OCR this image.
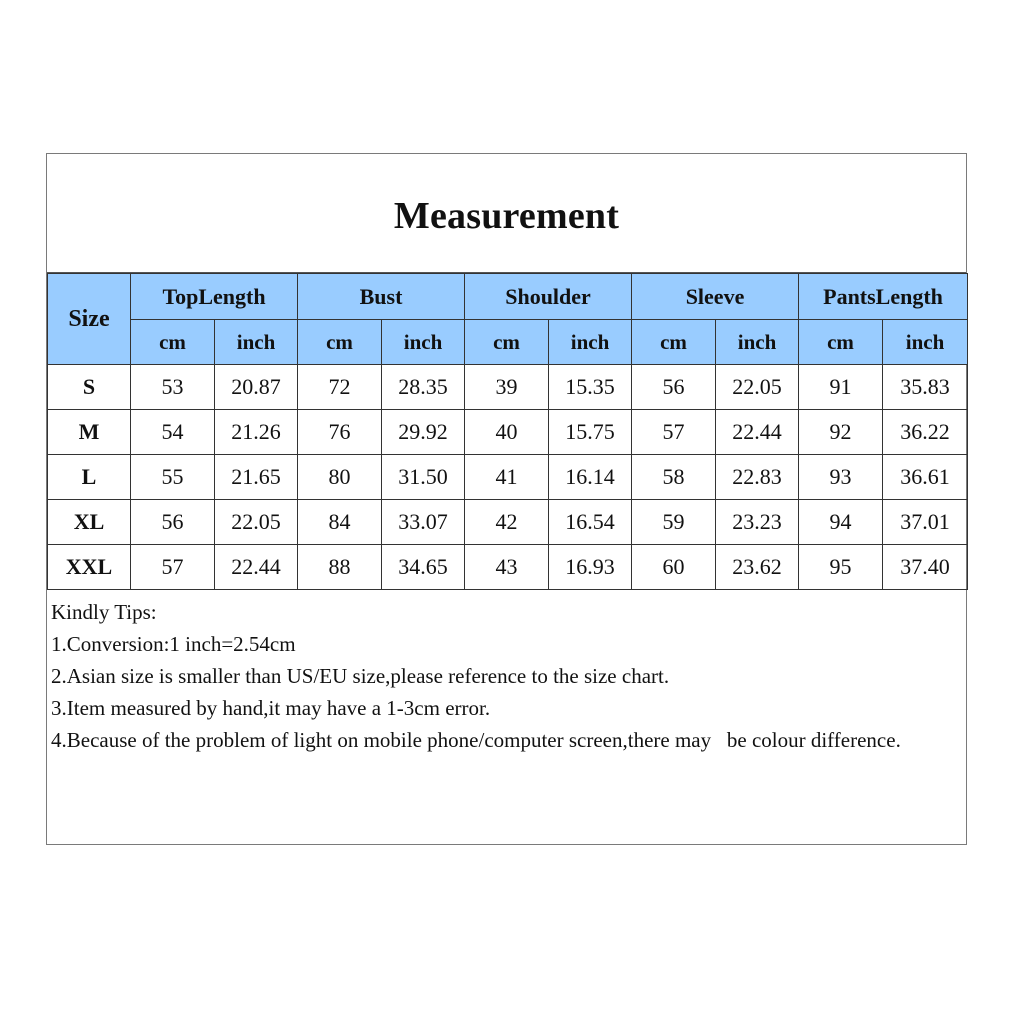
Measurement
Size	TopLength		Bust		Shoulder		Sleeve		PantsLength	
	cm	inch	cm	inch	cm	inch	cm	inch	cm	inch
S	53	20.87	72	28.35	39	15.35	56	22.05	91	35.83
M	54	21.26	76	29.92	40	15.75	57	22.44	92	36.22
L	55	21.65	80	31.50	41	16.14	58	22.83	93	36.61
XL	56	22.05	84	33.07	42	16.54	59	23.23	94	37.01
XXL	57	22.44	88	34.65	43	16.93	60	23.62	95	37.40

Kindly Tips:

1.Conversion:1 inch=2.54cm

2.Asian size is smaller than US/EU size,please reference to the size chart.

3.Item measured by hand,it may have a 1-3cm error.

4.Because of the problem of light on mobile phone/computer screen,there may   be colour difference.
